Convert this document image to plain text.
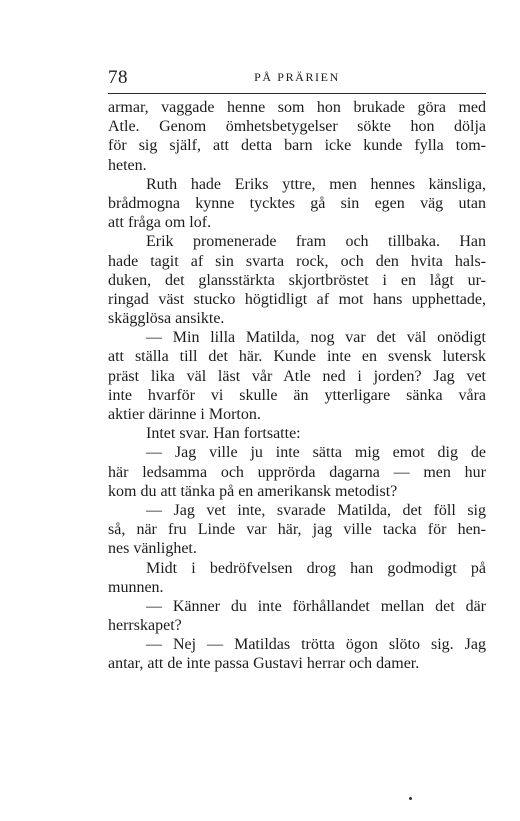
78	PÅ PRÄRIEN
armar, vaggade henne som hon brukade göra med
Atle. Genom ömhetsbetygelser sökte hon dölja
för sig själf, att detta barn icke kunde fylla tom-
heten.
Ruth hade Eriks yttre, men hennes känsliga,
brådmogna kynne tycktes gå sin egen väg utan
att fråga om lof.
Erik promenerade fram och tillbaka. Han
hade tagit af sin svarta rock, och den hvita hals-
duken, det glansstärkta skjortbröstet i en lågt ur-
ringad väst stucko högtidligt af mot hans upphettade,
skägglösa ansikte.
— Min lilla Matilda, nog var det väl onödigt
att ställa till det här. Kunde inte en svensk lutersk
präst lika väl läst vår Atle ned i jorden? Jag vet
inte hvarför vi skulle än ytterligare sänka våra
aktier därinne i Morton.
Intet svar. Han fortsatte:
— Jag ville ju inte sätta mig emot dig de
här ledsamma och upprörda dagarna — men hur
kom du att tänka på en amerikansk metodist?
— Jag vet inte, svarade Matilda, det föll sig
så, när fru Linde var här, jag ville tacka för hen-
nes vänlighet.
Midt i bedröfvelsen drog han godmodigt på
munnen.
— Känner du inte förhållandet mellan det där
herrskapet?
— Nej — Matildas trötta ögon slöto sig. Jag
antar, att de inte passa Gustavi herrar och damer.
